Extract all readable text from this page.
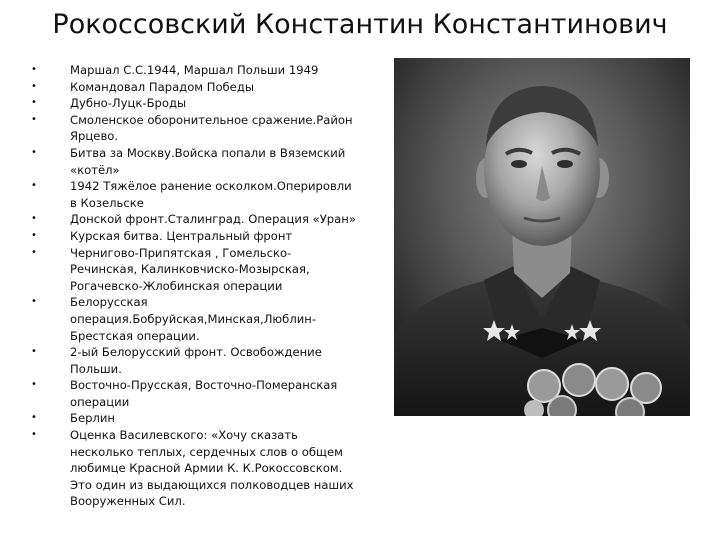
Рокоссовский Константин Константинович
•	Маршал С.С.1944, Маршал Польши 1949
•	Командовал Парадом Победы
•	Дубно-Луцк-Броды
•	Смоленское оборонительное сражение.Район Ярцево.
•	Битва за Москву.Войска попали в Вяземский «котёл»
•	1942 Тяжёлое ранение осколком.Оперировли в Козельске
•	Донской фронт.Сталинград. Операция «Уран»
•	Курская битва. Центральный фронт
•	Чернигово-Припятская , Гомельско-Речинская, Калинковчиско-Мозырская, Рогачевско-Жлобинская операции
•	Белорусская операция.Бобруйская,Минская,Люблин-Брестская операции.
•	2-ый Белорусский фронт. Освобождение Польши.
•	Восточно-Прусская, Восточно-Померанская операции
•	Берлин
•	Оценка Василевского: «Хочу сказать несколько теплых, сердечных слов о общем любимце Красной Армии К. К.Рокоссовском. Это один из выдающихся полководцев наших Вооруженных Сил.
